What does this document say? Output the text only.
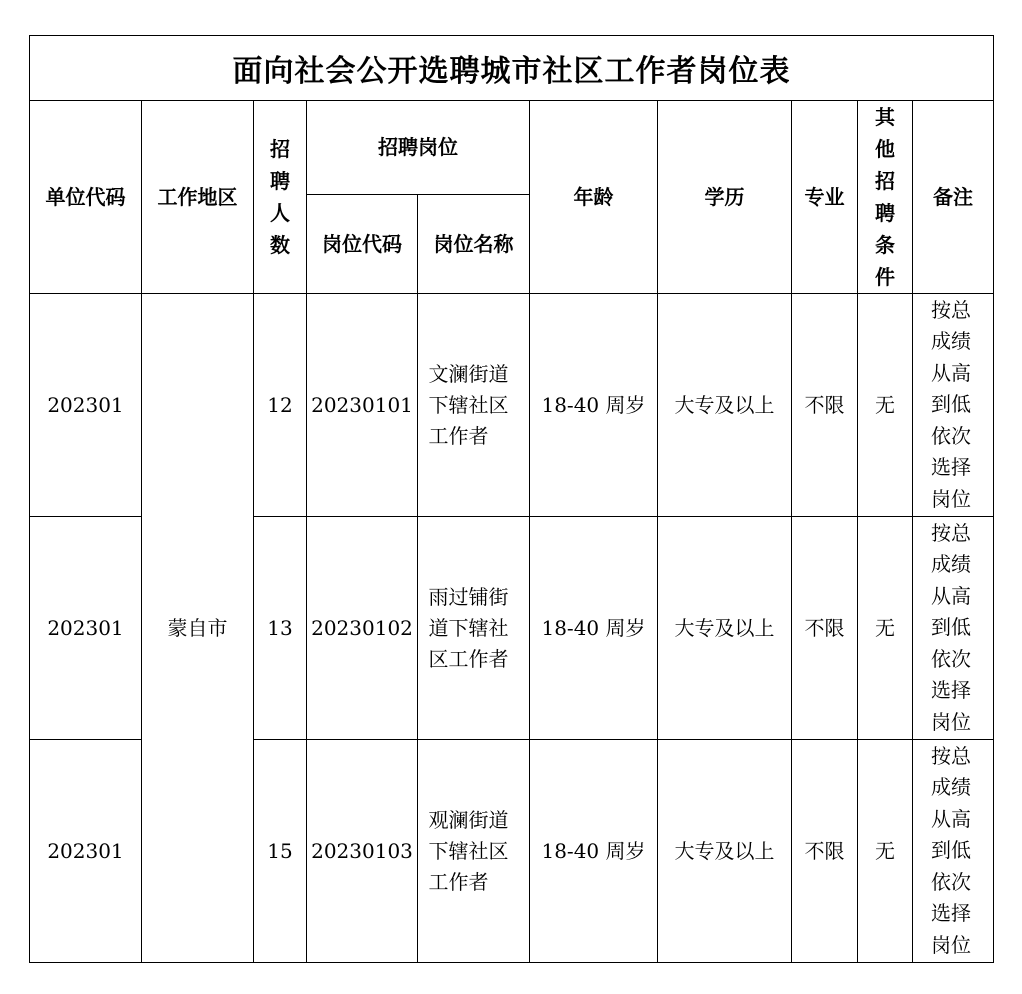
面向社会公开选聘城市社区工作者岗位表									
单位代码	工作地区	招聘人数	招聘岗位		年龄	学历	专业	其他招聘条件	备注
			岗位代码	岗位名称					
202301	蒙自市	12	20230101	文澜街道下辖社区工作者	18-40 周岁	大专及以上	不限	无	按总成绩从高到低依次选择岗位

202301		13	20230102	雨过铺街道下辖社区工作者	18-40 周岁	大专及以上	不限	无	按总成绩从高到低依次选择岗位

202301		15	20230103	观澜街道下辖社区工作者	18-40 周岁	大专及以上	不限	无	按总成绩从高到低依次选择岗位
